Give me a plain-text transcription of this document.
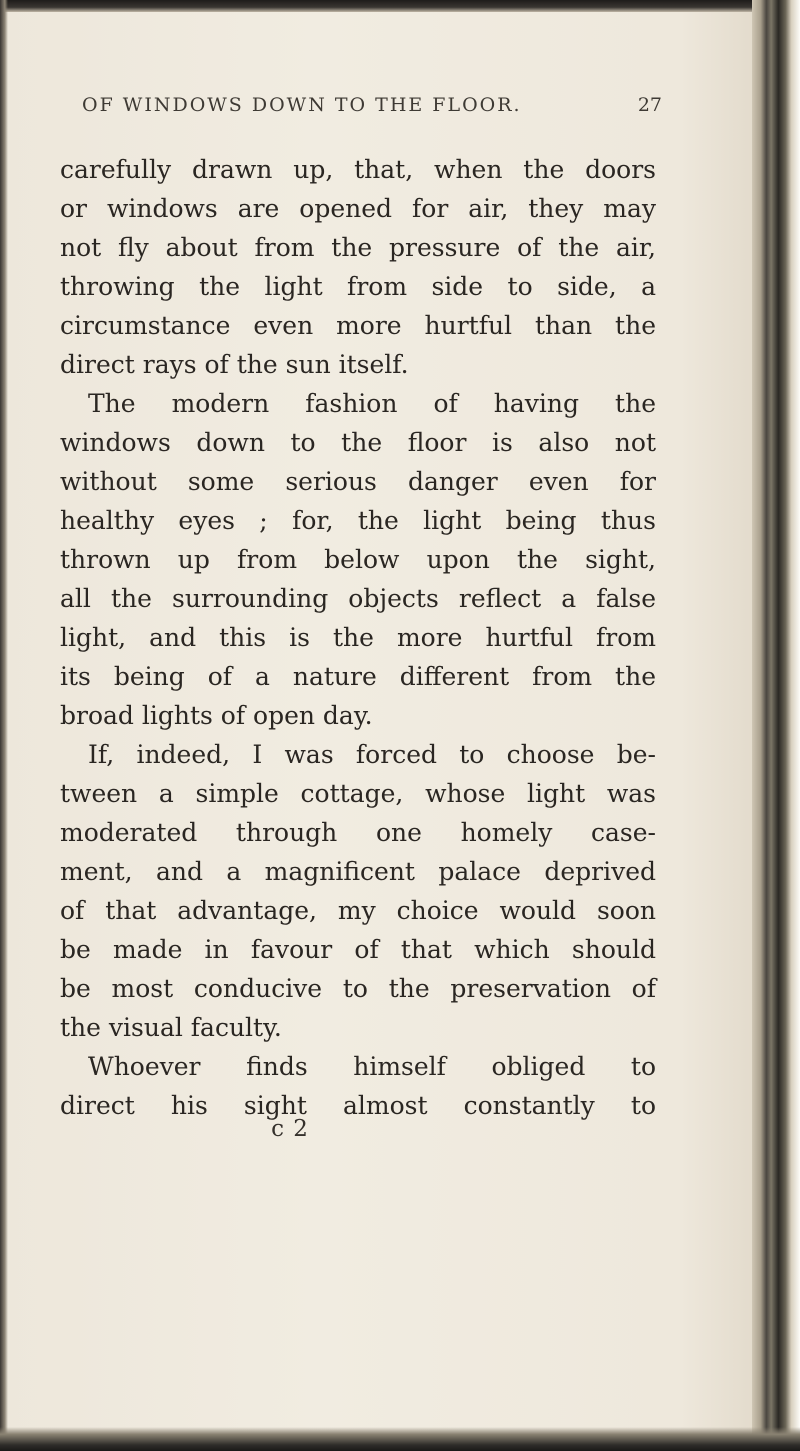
OF WINDOWS DOWN TO THE FLOOR.	27
carefully drawn up, that, when the doors
or windows are opened for air, they may
not fly about from the pressure of the air,
throwing the light from side to side, a
circumstance even more hurtful than the
direct rays of the sun itself.
The modern fashion of having the
windows down to the floor is also not
without some serious danger even for
healthy eyes ; for, the light being thus
thrown up from below upon the sight,
all the surrounding objects reflect a false
light, and this is the more hurtful from
its being of a nature different from the
broad lights of open day.
If, indeed, I was forced to choose be-
tween a simple cottage, whose light was
moderated through one homely case-
ment, and a magnificent palace deprived
of that advantage, my choice would soon
be made in favour of that which should
be most conducive to the preservation of
the visual faculty.
Whoever finds himself obliged to
direct his sight almost constantly to
c 2
